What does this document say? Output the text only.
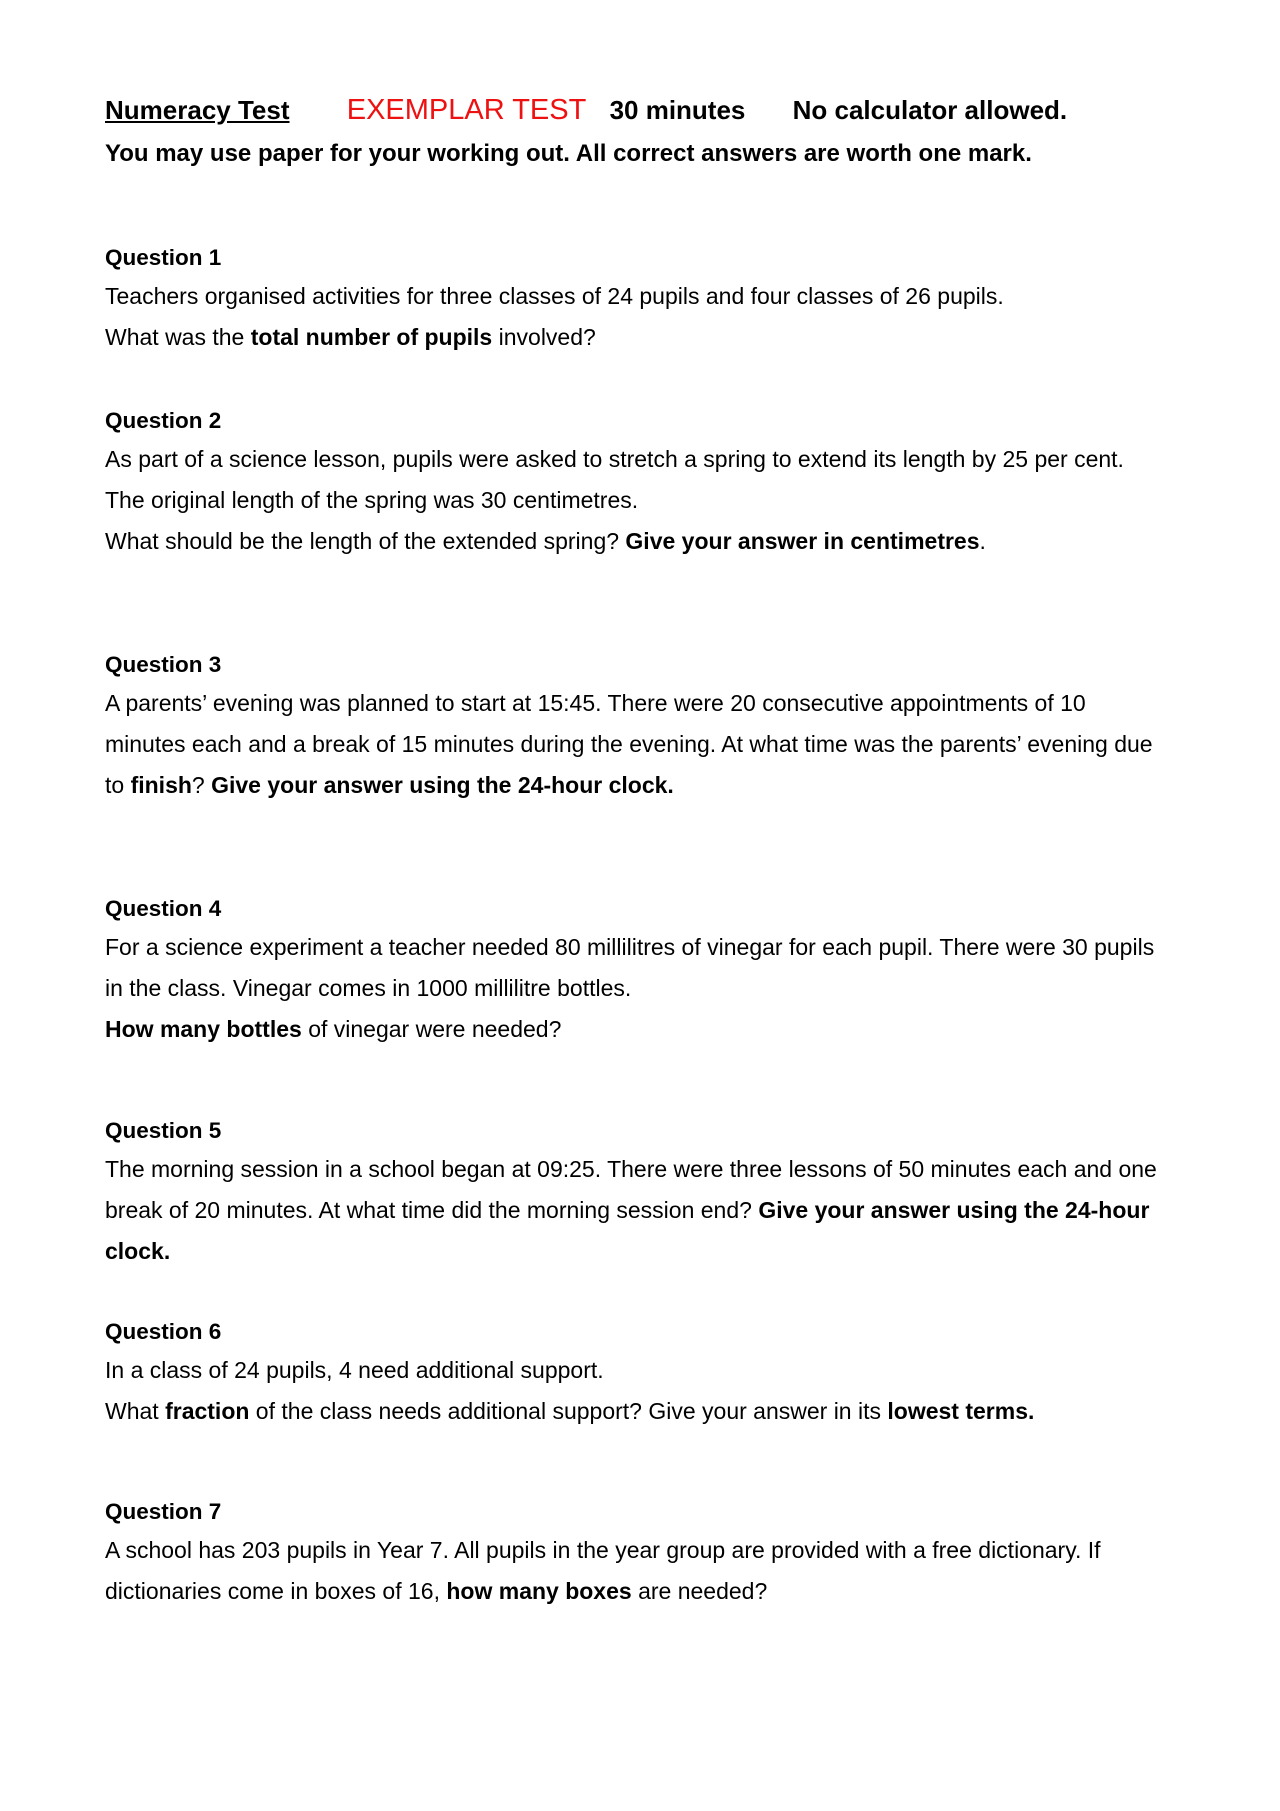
Numeracy Test EXEMPLAR TEST 30 minutes No calculator allowed.
You may use paper for your working out. All correct answers are worth one mark.
Question 1
Teachers organised activities for three classes of 24 pupils and four classes of 26 pupils.
What was the total number of pupils involved?
Question 2
As part of a science lesson, pupils were asked to stretch a spring to extend its length by 25 per cent.
The original length of the spring was 30 centimetres.
What should be the length of the extended spring? Give your answer in centimetres.
Question 3
A parents’ evening was planned to start at 15:45. There were 20 consecutive appointments of 10
minutes each and a break of 15 minutes during the evening. At what time was the parents’ evening due
to finish? Give your answer using the 24-hour clock.
Question 4
For a science experiment a teacher needed 80 millilitres of vinegar for each pupil. There were 30 pupils
in the class. Vinegar comes in 1000 millilitre bottles.
How many bottles of vinegar were needed?
Question 5
The morning session in a school began at 09:25. There were three lessons of 50 minutes each and one
break of 20 minutes. At what time did the morning session end? Give your answer using the 24-hour
clock.
Question 6
In a class of 24 pupils, 4 need additional support.
What fraction of the class needs additional support? Give your answer in its lowest terms.
Question 7
A school has 203 pupils in Year 7. All pupils in the year group are provided with a free dictionary. If
dictionaries come in boxes of 16, how many boxes are needed?
